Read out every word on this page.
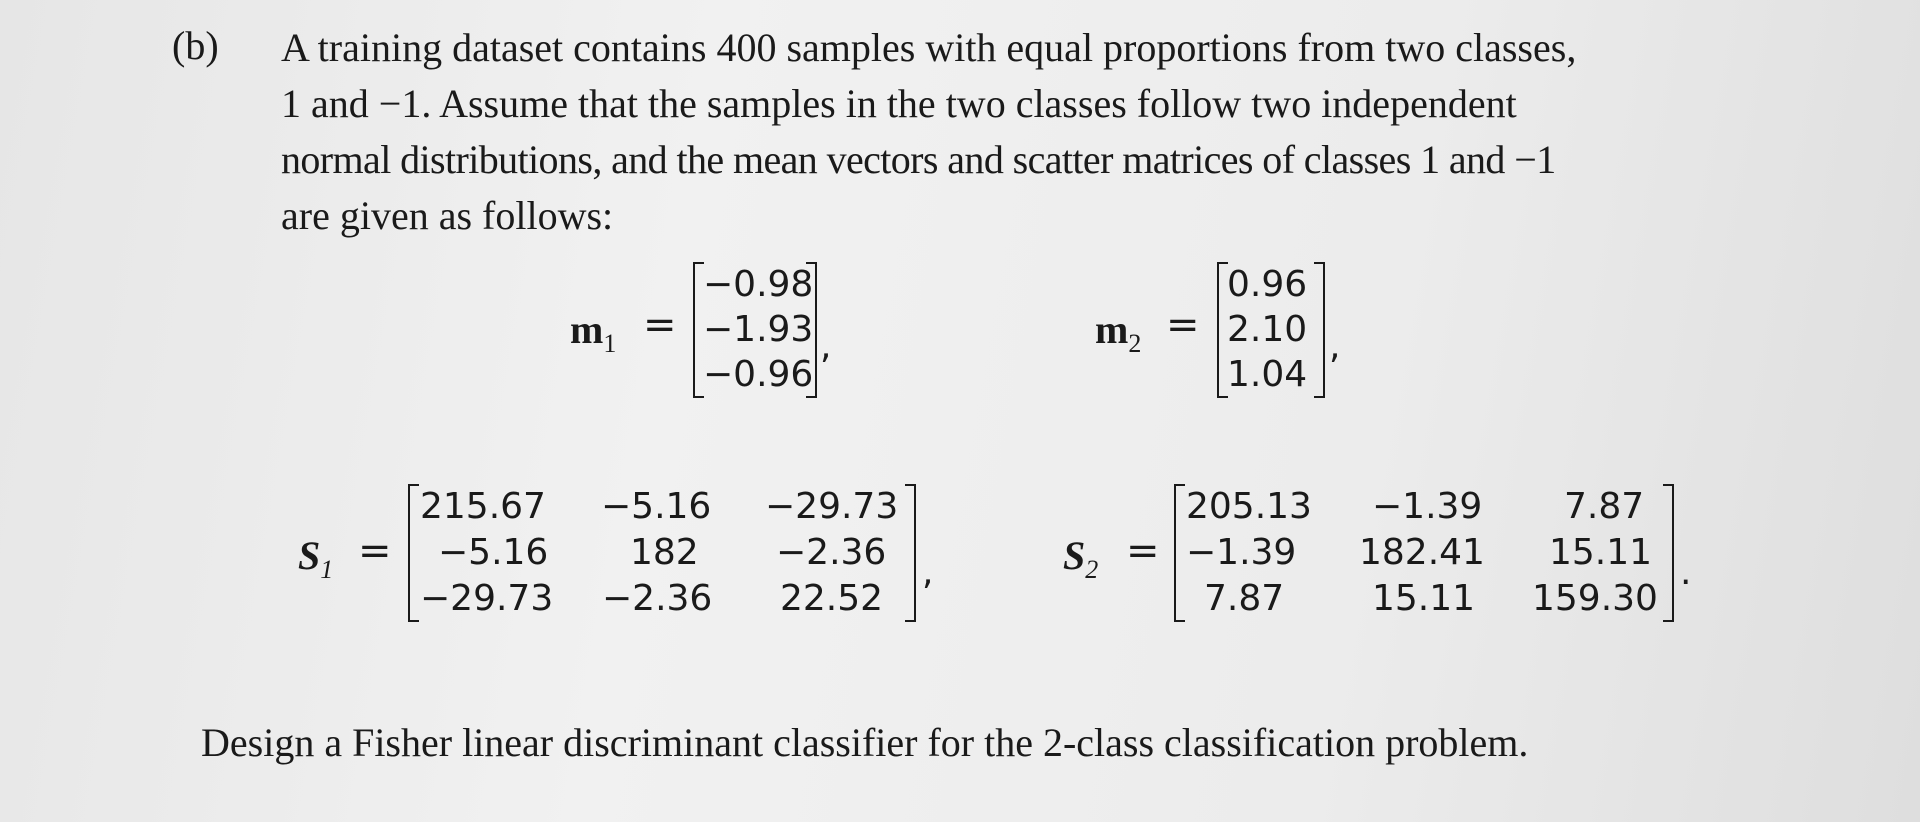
(b) A training dataset contains 400 samples with equal proportions from two classes,
1 and −1. Assume that the samples in the two classes follow two independent
normal distributions, and the mean vectors and scatter matrices of classes 1 and −1
are given as follows:
$m_1$ =
−0.98
−1.93
−0.96
,	$m_2$ =
0.96
2.10
1.04
,
$S_1$ =
215.67 −5.16 −29.73
−5.16 182 −2.36
−29.73 −2.36 22.52
,	$S_2$ =
205.13 −1.39 7.87
−1.39 182.41 15.11
7.87 15.11 159.30
.
Design a Fisher linear discriminant classifier for the 2-class classification problem.
